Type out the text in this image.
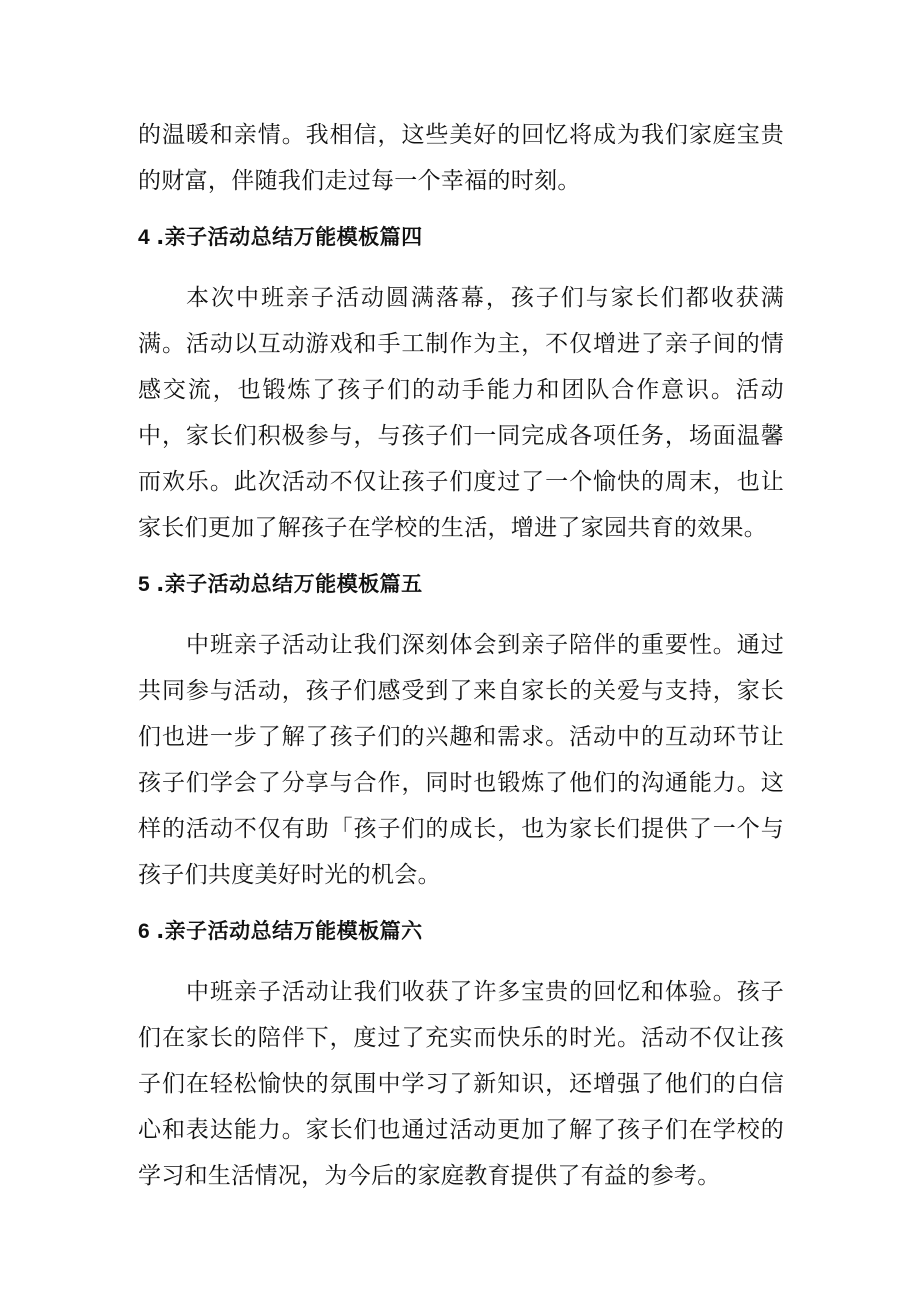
的温暖和亲情。我相信，这些美好的回忆将成为我们家庭宝贵的财富，伴随我们走过每一个幸福的时刻。

4 .亲子活动总结万能模板篇四

本次中班亲子活动圆满落幕，孩子们与家长们都收获满满。活动以互动游戏和手工制作为主，不仅增进了亲子间的情感交流，也锻炼了孩子们的动手能力和团队合作意识。活动中，家长们积极参与，与孩子们一同完成各项任务，场面温馨而欢乐。此次活动不仅让孩子们度过了一个愉快的周末，也让家长们更加了解孩子在学校的生活，增进了家园共育的效果。

5 .亲子活动总结万能模板篇五

中班亲子活动让我们深刻体会到亲子陪伴的重要性。通过共同参与活动，孩子们感受到了来自家长的关爱与支持，家长们也进一步了解了孩子们的兴趣和需求。活动中的互动环节让孩子们学会了分享与合作，同时也锻炼了他们的沟通能力。这样的活动不仅有助「孩子们的成长，也为家长们提供了一个与孩子们共度美好时光的机会。

6 .亲子活动总结万能模板篇六

中班亲子活动让我们收获了许多宝贵的回忆和体验。孩子们在家长的陪伴下，度过了充实而快乐的时光。活动不仅让孩子们在轻松愉快的氛围中学习了新知识，还增强了他们的白信心和表达能力。家长们也通过活动更加了解了孩子们在学校的学习和生活情况，为今后的家庭教育提供了有益的参考。
